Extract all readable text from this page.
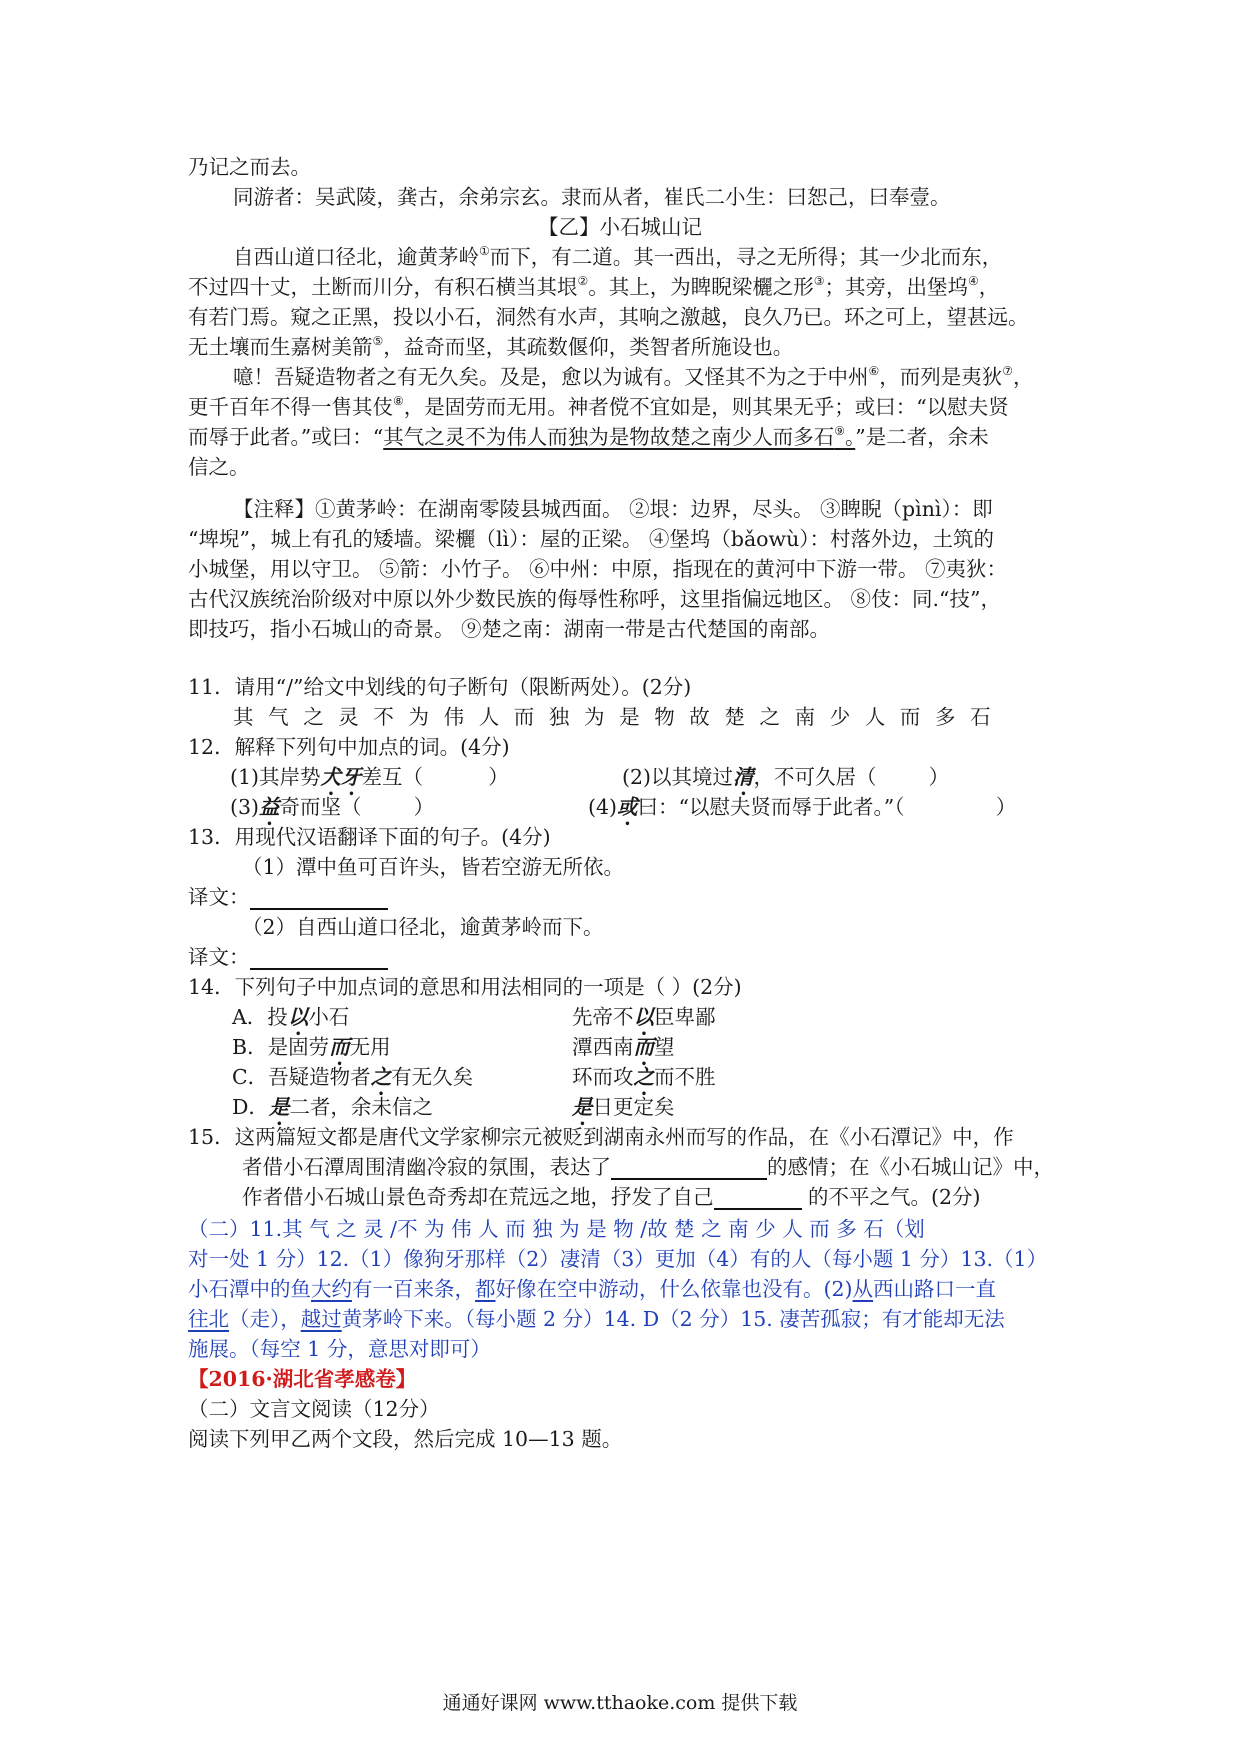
乃记之而去。
同游者：吴武陵，龚古，余弟宗玄。隶而从者，崔氏二小生：曰恕己，曰奉壹。
【乙】小石城山记
自西山道口径北，逾黄茅岭①而下，有二道。其一西出，寻之无所得；其一少北而东，
不过四十丈，土断而川分，有积石横当其垠②。其上，为睥睨梁欐之形③；其旁，出堡坞④，
有若门焉。窥之正黑，投以小石，洞然有水声，其响之激越，良久乃已。环之可上，望甚远。
无土壤而生嘉树美箭⑤，益奇而坚，其疏数偃仰，类智者所施设也。
噫！吾疑造物者之有无久矣。及是，愈以为诚有。又怪其不为之于中州⑥，而列是夷狄⑦，
更千百年不得一售其伎⑧，是固劳而无用。神者傥不宜如是，则其果无乎；或曰：“以慰夫贤
而辱于此者。”或曰：“其气之灵不为伟人而独为是物故楚之南少人而多石⑨。”是二者，余未
信之。
【注释】①黄茅岭：在湖南零陵县城西面。 ②垠：边界，尽头。 ③睥睨（pìnì）：即
“埤堄”，城上有孔的矮墙。梁欐（lì）：屋的正梁。 ④堡坞（bǎowù）：村落外边，土筑的
小城堡，用以守卫。 ⑤箭：小竹子。 ⑥中州：中原，指现在的黄河中下游一带。 ⑦夷狄：
古代汉族统治阶级对中原以外少数民族的侮辱性称呼，这里指偏远地区。 ⑧伎：同.“技”，
即技巧，指小石城山的奇景。 ⑨楚之南：湖南一带是古代楚国的南部。
11．请用“/”给文中划线的句子断句（限断两处）。(2分)
其气之灵不为伟人而独为是物故楚之南少人而多石
12．解释下列句中加点的词。(4分)
(1)其岸势犬牙差互（          ）	(2)以其境过清，不可久居（        ）
(3)益奇而坚（        ）	(4)或曰：“以慰夫贤而辱于此者。”（              ）
13．用现代汉语翻译下面的句子。(4分)
（1）潭中鱼可百许头，皆若空游无所依。
译文：
（2）自西山道口径北，逾黄茅岭而下。
译文：
14．下列句子中加点词的意思和用法相同的一项是（ ）(2分)
A．投以小石	先帝不以臣卑鄙
B．是固劳而无用	潭西南而望
C．吾疑造物者之有无久矣	环而攻之而不胜
D．是二者，余未信之	是日更定矣
15．这两篇短文都是唐代文学家柳宗元被贬到湖南永州而写的作品，在《小石潭记》中，作
者借小石潭周围清幽冷寂的氛围，表达了	的感情；在《小石城山记》中，
作者借小石城山景色奇秀却在荒远之地，抒发了自己	的不平之气。(2分)
（二）11.其 气 之 灵 /不 为 伟 人 而 独 为 是 物 /故 楚 之 南 少 人 而 多 石（划
对一处 1 分）12.（1）像狗牙那样（2）凄清（3）更加（4）有的人（每小题 1 分）13.（1）
小石潭中的鱼大约有一百来条，都好像在空中游动，什么依靠也没有。(2)从西山路口一直
往北（走），越过黄茅岭下来。（每小题 2 分）14. D（2 分）15. 凄苦孤寂；有才能却无法
施展。（每空 1 分，意思对即可）
【2016·湖北省孝感卷】
（二）文言文阅读（12分）
阅读下列甲乙两个文段，然后完成 10—13 题。
通通好课网 www.tthaoke.com 提供下载
